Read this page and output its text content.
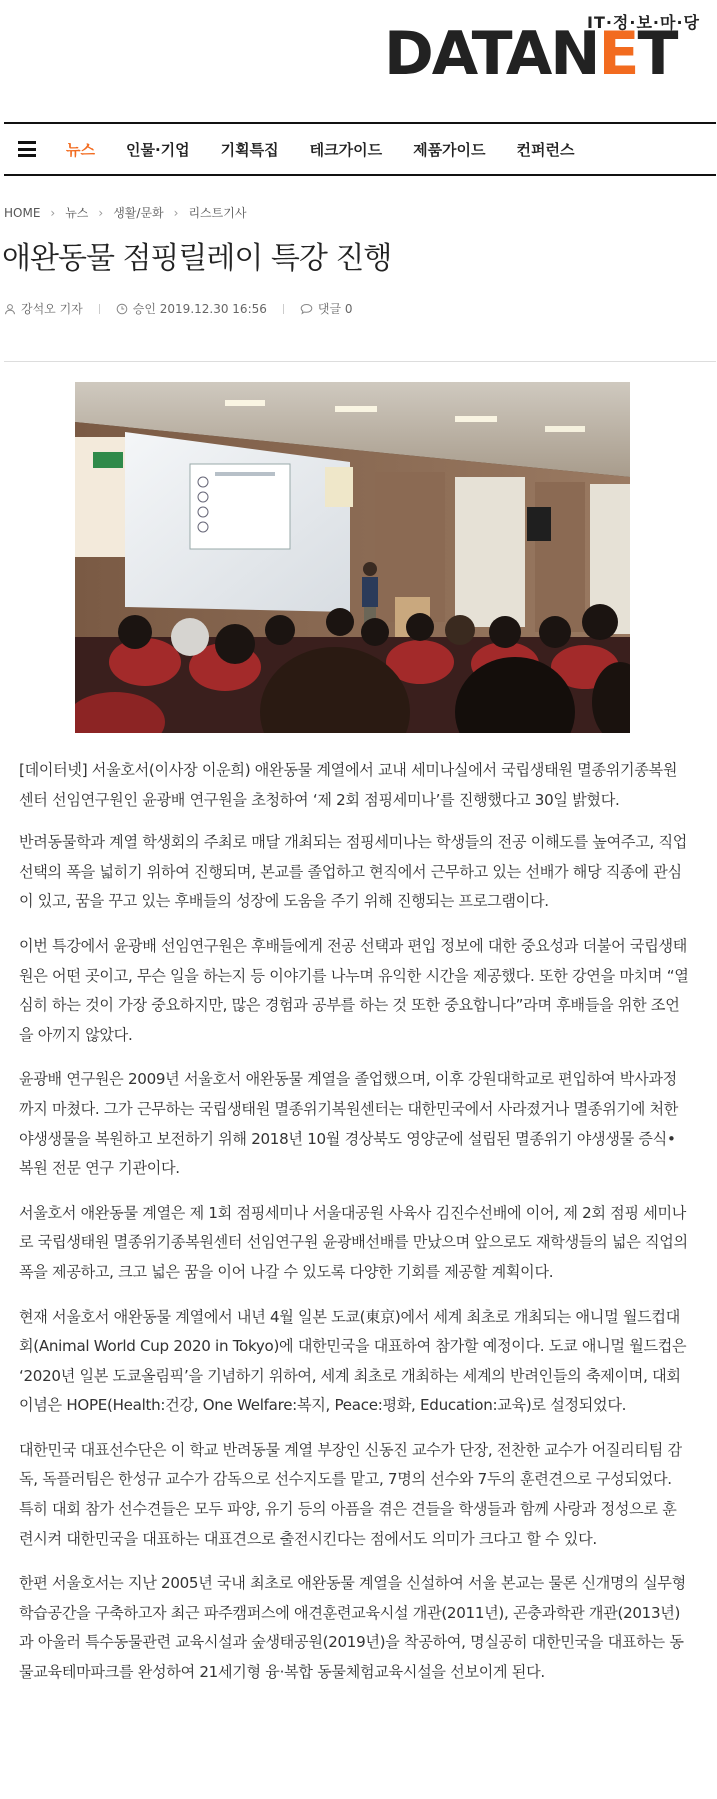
IT·정·보·마·당
DATANET
뉴스 인물·기업 기획특집 테크가이드 제품가이드 컨퍼런스
HOME › 뉴스 › 생활/문화 › 리스트기사
애완동물 점핑릴레이 특강 진행
강석오 기자	승인 2019.12.30 16:56	댓글 0

[데이터넷] 서울호서(이사장 이운희) 애완동물 계열에서 교내 세미나실에서 국립생태원 멸종위기종복원센터 선임연구원인 윤광배 연구원을 초청하여 ‘제 2회 점핑세미나’를 진행했다고 30일 밝혔다.

반려동물학과 계열 학생회의 주최로 매달 개최되는 점핑세미나는 학생들의 전공 이해도를 높여주고, 직업 선택의 폭을 넓히기 위하여 진행되며, 본교를 졸업하고 현직에서 근무하고 있는 선배가 해당 직종에 관심이 있고, 꿈을 꾸고 있는 후배들의 성장에 도움을 주기 위해 진행되는 프로그램이다.

이번 특강에서 윤광배 선임연구원은 후배들에게 전공 선택과 편입 정보에 대한 중요성과 더불어 국립생태원은 어떤 곳이고, 무슨 일을 하는지 등 이야기를 나누며 유익한 시간을 제공했다. 또한 강연을 마치며 “열심히 하는 것이 가장 중요하지만, 많은 경험과 공부를 하는 것 또한 중요합니다”라며 후배들을 위한 조언을 아끼지 않았다.

윤광배 연구원은 2009년 서울호서 애완동물 계열을 졸업했으며, 이후 강원대학교로 편입하여 박사과정까지 마쳤다. 그가 근무하는 국립생태원 멸종위기복원센터는 대한민국에서 사라졌거나 멸종위기에 처한 야생생물을 복원하고 보전하기 위해 2018년 10월 경상북도 영양군에 설립된 멸종위기 야생생물 증식•복원 전문 연구 기관이다.

서울호서 애완동물 계열은 제 1회 점핑세미나 서울대공원 사육사 김진수선배에 이어, 제 2회 점핑 세미나로 국립생태원 멸종위기종복원센터 선임연구원 윤광배선배를 만났으며 앞으로도 재학생들의 넓은 직업의 폭을 제공하고, 크고 넓은 꿈을 이어 나갈 수 있도록 다양한 기회를 제공할 계획이다.

현재 서울호서 애완동물 계열에서 내년 4월 일본 도쿄(東京)에서 세계 최초로 개최되는 애니멀 월드컵대회(Animal World Cup 2020 in Tokyo)에 대한민국을 대표하여 참가할 예정이다. 도쿄 애니멀 월드컵은 ‘2020년 일본 도쿄올림픽’을 기념하기 위하여, 세계 최초로 개최하는 세계의 반려인들의 축제이며, 대회 이념은 HOPE(Health:건강, One Welfare:복지, Peace:평화, Education:교육)로 설정되었다.

대한민국 대표선수단은 이 학교 반려동물 계열 부장인 신동진 교수가 단장, 전찬한 교수가 어질리티팀 감독, 독플러팀은 한성규 교수가 감독으로 선수지도를 맡고, 7명의 선수와 7두의 훈련견으로 구성되었다. 특히 대회 참가 선수견들은 모두 파양, 유기 등의 아픔을 겪은 견들을 학생들과 함께 사랑과 정성으로 훈련시켜 대한민국을 대표하는 대표견으로 출전시킨다는 점에서도 의미가 크다고 할 수 있다.

한편 서울호서는 지난 2005년 국내 최초로 애완동물 계열을 신설하여 서울 본교는 물론 신개명의 실무형 학습공간을 구축하고자 최근 파주캠퍼스에 애견훈련교육시설 개관(2011년), 곤충과학관 개관(2013년)과 아울러 특수동물관련 교육시설과 숲생태공원(2019년)을 착공하여, 명실공히 대한민국을 대표하는 동물교육테마파크를 완성하여 21세기형 융·복합 동물체험교육시설을 선보이게 된다.
